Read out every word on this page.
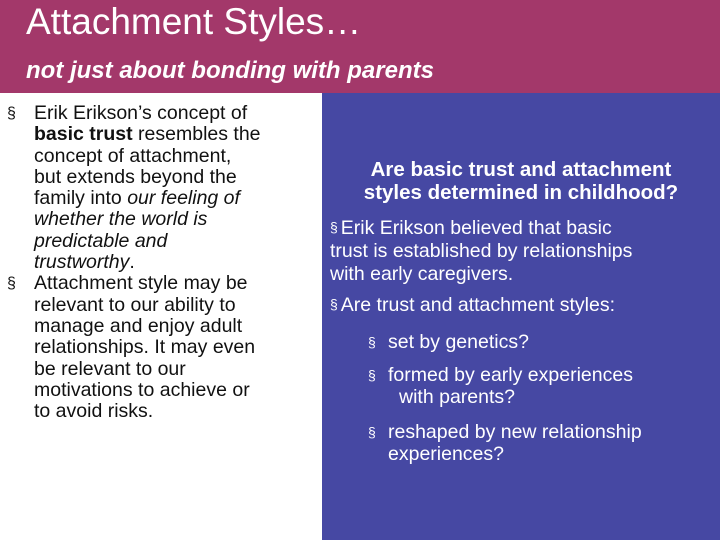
Attachment Styles…
not just about bonding with parents
§ Erik Erikson’s concept of
basic trust resembles the
concept of attachment,
but extends beyond the
family into our feeling of
whether the world is
predictable and
trustworthy.
§ Attachment style may be
relevant to our ability to
manage and enjoy adult
relationships. It may even
be relevant to our
motivations to achieve or
to avoid risks.
Are basic trust and attachment
styles determined in childhood?
§ Erik Erikson believed that basic
trust is established by relationships
with early caregivers.
§ Are trust and attachment styles:
§ set by genetics?
§ formed by early experiences
with parents?
§ reshaped by new relationship
experiences?
